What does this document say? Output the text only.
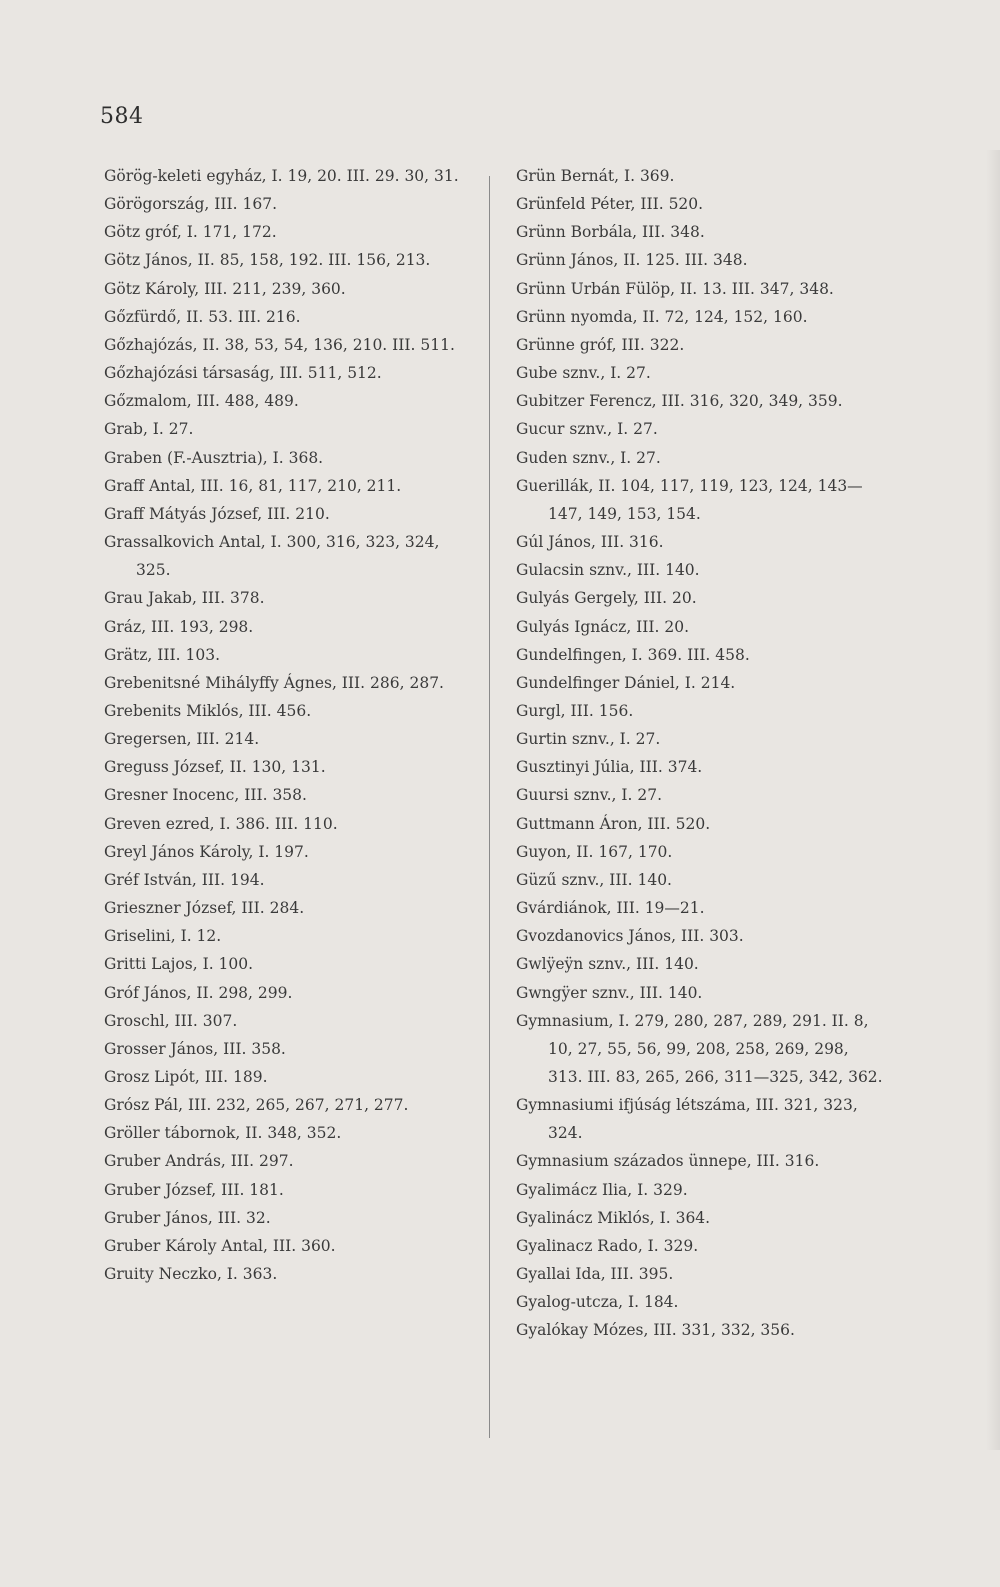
584
Görög-keleti egyház, I. 19, 20. III. 29. 30, 31.
Görögország, III. 167.
Götz gróf, I. 171, 172.
Götz János, II. 85, 158, 192. III. 156, 213.
Götz Károly, III. 211, 239, 360.
Gőzfürdő, II. 53. III. 216.
Gőzhajózás, II. 38, 53, 54, 136, 210. III. 511.
Gőzhajózási társaság, III. 511, 512.
Gőzmalom, III. 488, 489.
Grab, I. 27.
Graben (F.-Ausztria), I. 368.
Graff Antal, III. 16, 81, 117, 210, 211.
Graff Mátyás József, III. 210.
Grassalkovich Antal, I. 300, 316, 323, 324, 325.
Grau Jakab, III. 378.
Gráz, III. 193, 298.
Grätz, III. 103.
Grebenitsné Mihályffy Ágnes, III. 286, 287.
Grebenits Miklós, III. 456.
Gregersen, III. 214.
Greguss József, II. 130, 131.
Gresner Inocenc, III. 358.
Greven ezred, I. 386. III. 110.
Greyl János Károly, I. 197.
Gréf István, III. 194.
Grieszner József, III. 284.
Griselini, I. 12.
Gritti Lajos, I. 100.
Gróf János, II. 298, 299.
Groschl, III. 307.
Grosser János, III. 358.
Grosz Lipót, III. 189.
Grósz Pál, III. 232, 265, 267, 271, 277.
Gröller tábornok, II. 348, 352.
Gruber András, III. 297.
Gruber József, III. 181.
Gruber János, III. 32.
Gruber Károly Antal, III. 360.
Gruity Neczko, I. 363.
Grün Bernát, I. 369.
Grünfeld Péter, III. 520.
Grünn Borbála, III. 348.
Grünn János, II. 125. III. 348.
Grünn Urbán Fülöp, II. 13. III. 347, 348.
Grünn nyomda, II. 72, 124, 152, 160.
Grünne gróf, III. 322.
Gube sznv., I. 27.
Gubitzer Ferencz, III. 316, 320, 349, 359.
Gucur sznv., I. 27.
Guden sznv., I. 27.
Guerillák, II. 104, 117, 119, 123, 124, 143—147, 149, 153, 154.
Gúl János, III. 316.
Gulacsin sznv., III. 140.
Gulyás Gergely, III. 20.
Gulyás Ignácz, III. 20.
Gundelfingen, I. 369. III. 458.
Gundelfinger Dániel, I. 214.
Gurgl, III. 156.
Gurtin sznv., I. 27.
Gusztinyi Júlia, III. 374.
Guursi sznv., I. 27.
Guttmann Áron, III. 520.
Guyon, II. 167, 170.
Güzű sznv., III. 140.
Gvárdiánok, III. 19—21.
Gvozdanovics János, III. 303.
Gwlÿeÿn sznv., III. 140.
Gwngÿer sznv., III. 140.
Gymnasium, I. 279, 280, 287, 289, 291. II. 8, 10, 27, 55, 56, 99, 208, 258, 269, 298, 313. III. 83, 265, 266, 311—325, 342, 362.
Gymnasiumi ifjúság létszáma, III. 321, 323, 324.
Gymnasium százados ünnepe, III. 316.
Gyalimácz Ilia, I. 329.
Gyalinácz Miklós, I. 364.
Gyalinacz Rado, I. 329.
Gyallai Ida, III. 395.
Gyalog-utcza, I. 184.
Gyalókay Mózes, III. 331, 332, 356.
